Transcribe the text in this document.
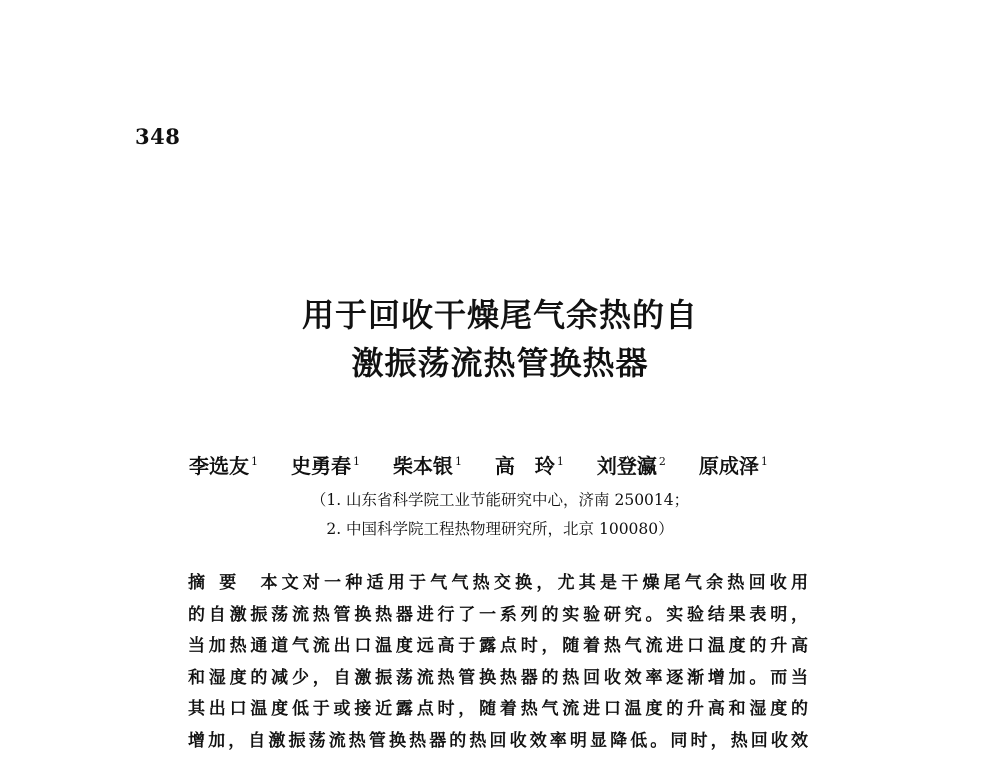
348
用于回收干燥尾气余热的自
激振荡流热管换热器
李选友 $^1$ 史勇春 $^1$ 柴本银 $^1$ 高　玲 $^1$ 刘登瀛 $^2$ 原成泽 $^1$
（1. 山东省科学院工业节能研究中心，济南 250014；
2. 中国科学院工程热物理研究所，北京 100080）
摘要 本文对一种适用于气气热交换，尤其是干燥尾气余热回收用
的自激振荡流热管换热器进行了一系列的实验研究。实验结果表明，
当加热通道气流出口温度远高于露点时，随着热气流进口温度的升高
和湿度的减少，自激振荡流热管换热器的热回收效率逐渐增加。而当
其出口温度低于或接近露点时，随着热气流进口温度的升高和湿度的
增加，自激振荡流热管换热器的热回收效率明显降低。同时，热回收效
